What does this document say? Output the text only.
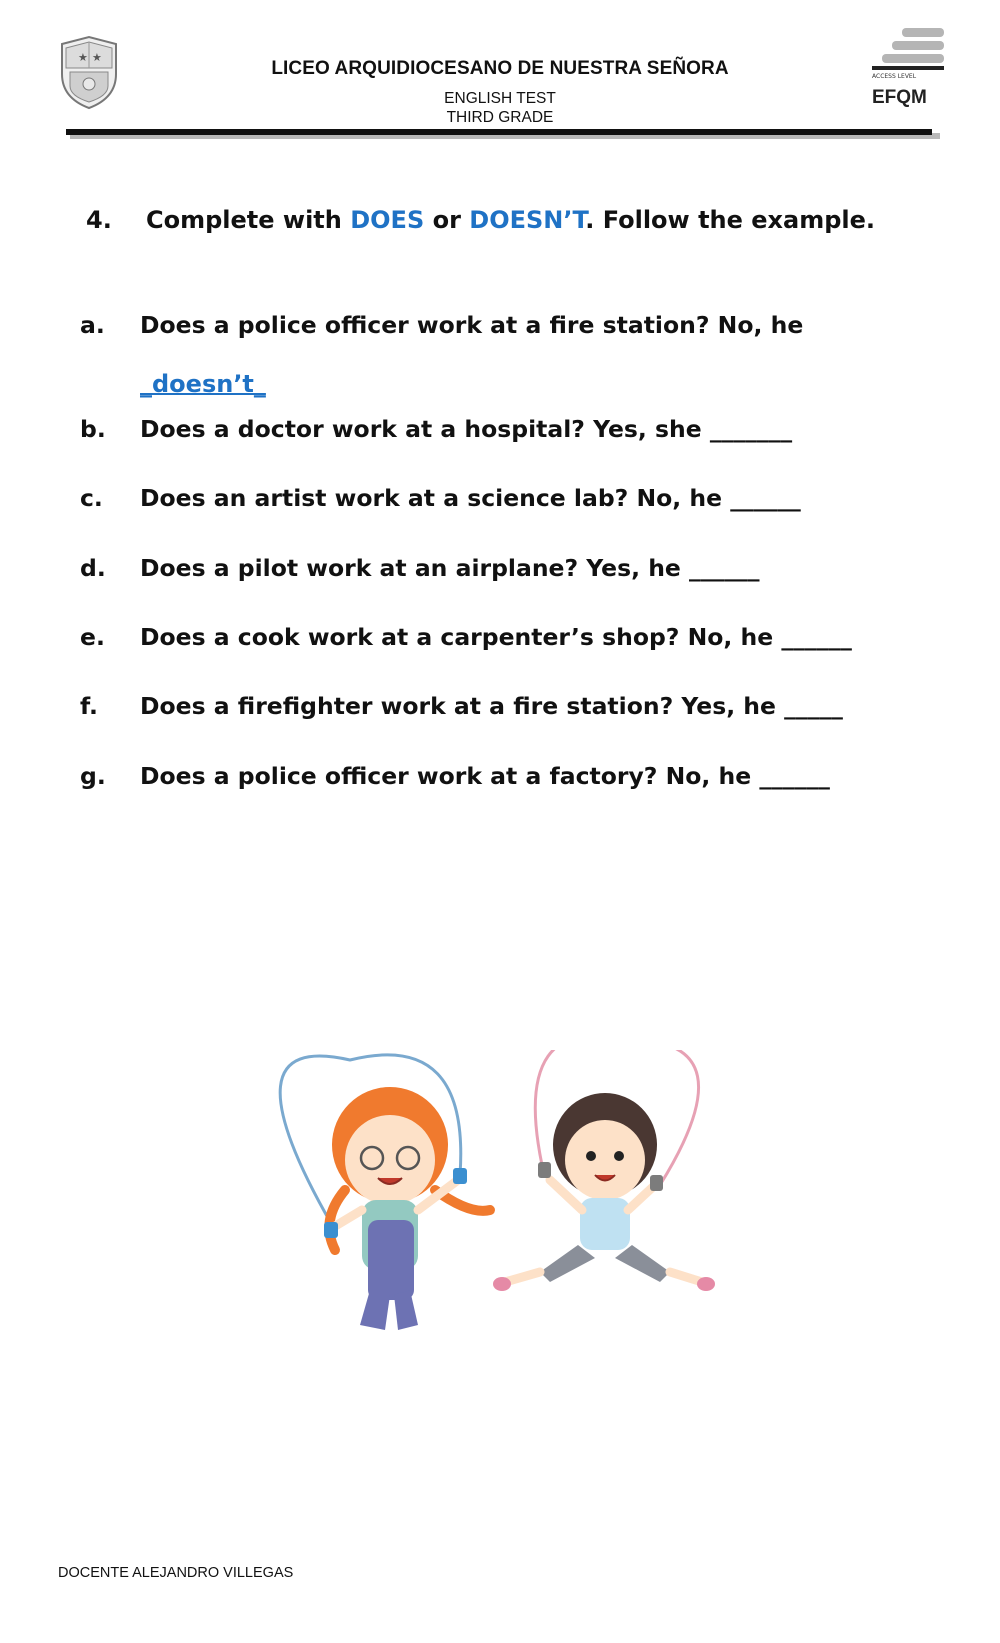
★ ★
LICEO ARQUIDIOCESANO DE NUESTRA SEÑORA
ENGLISH TEST
THIRD GRADE
ACCESS LEVEL
EFQM
4. Complete with DOES or DOESN’T. Follow the example.
a. Does a police officer work at a fire station? No, he
_doesn’t_
b. Does a doctor work at a hospital? Yes, she _______
c. Does an artist work at a science lab? No, he ______
d. Does a pilot work at an airplane? Yes, he ______
e. Does a cook work at a carpenter’s shop? No, he ______
f. Does a firefighter work at a fire station? Yes, he _____
g. Does a police officer work at a factory? No, he ______
DOCENTE ALEJANDRO VILLEGAS
